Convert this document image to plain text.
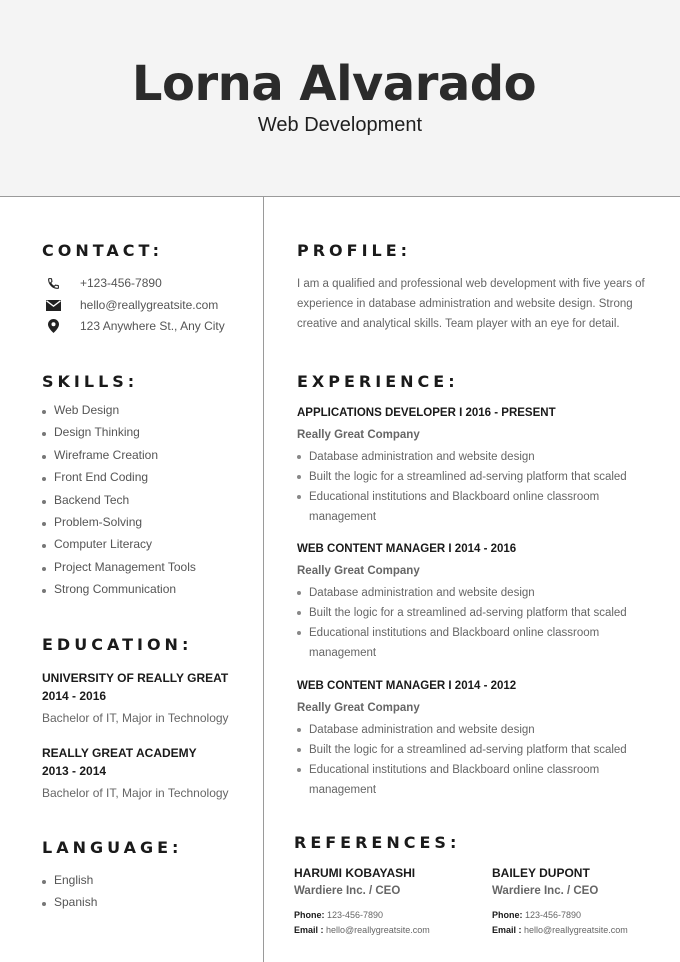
Lorna Alvarado
Web Development
CONTACT:
+123-456-7890
hello@reallygreatsite.com
123 Anywhere St., Any City
SKILLS:
Web Design
Design Thinking
Wireframe Creation
Front End Coding
Backend Tech
Problem-Solving
Computer Literacy
Project Management Tools
Strong Communication
EDUCATION:
UNIVERSITY OF REALLY GREAT
2014 - 2016
Bachelor of IT, Major in Technology
REALLY GREAT ACADEMY
2013 - 2014
Bachelor of IT, Major in Technology
LANGUAGE:
English
Spanish
PROFILE:
I am a qualified and professional web development with five years of experience in database administration and website design. Strong creative and analytical skills. Team player with an eye for detail.
EXPERIENCE:
APPLICATIONS DEVELOPER I 2016 - PRESENT
Really Great Company
Database administration and website design
Built the logic for a streamlined ad-serving platform that scaled
Educational institutions and Blackboard online classroom management
WEB CONTENT MANAGER I 2014 - 2016
Really Great Company
Database administration and website design
Built the logic for a streamlined ad-serving platform that scaled
Educational institutions and Blackboard online classroom management
WEB CONTENT MANAGER I 2014 - 2012
Really Great Company
Database administration and website design
Built the logic for a streamlined ad-serving platform that scaled
Educational institutions and Blackboard online classroom management
REFERENCES:
HARUMI KOBAYASHI
Wardiere Inc. / CEO
Phone: 123-456-7890
Email : hello@reallygreatsite.com
BAILEY DUPONT
Wardiere Inc. / CEO
Phone: 123-456-7890
Email : hello@reallygreatsite.com
